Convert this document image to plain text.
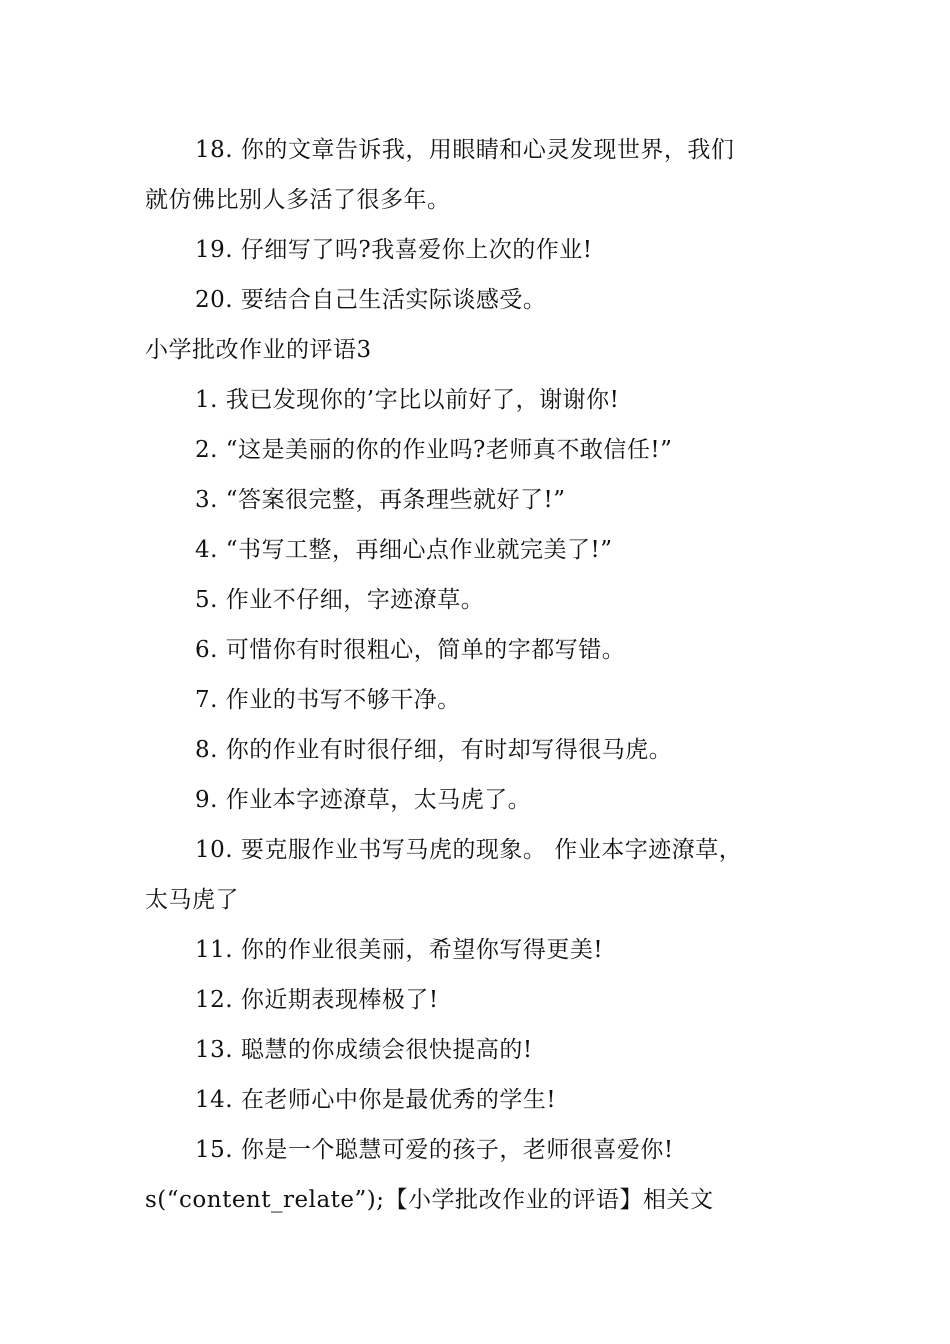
18. 你的文章告诉我，用眼睛和心灵发现世界，我们
就仿佛比别人多活了很多年。
19. 仔细写了吗?我喜爱你上次的作业!
20. 要结合自己生活实际谈感受。
小学批改作业的评语3
1. 我已发现你的’字比以前好了，谢谢你!
2. “这是美丽的你的作业吗?老师真不敢信任!”
3. “答案很完整，再条理些就好了!”
4. “书写工整，再细心点作业就完美了!”
5. 作业不仔细，字迹潦草。
6. 可惜你有时很粗心，简单的字都写错。
7. 作业的书写不够干净。
8. 你的作业有时很仔细，有时却写得很马虎。
9. 作业本字迹潦草，太马虎了。
10. 要克服作业书写马虎的现象。 作业本字迹潦草，
太马虎了
11. 你的作业很美丽，希望你写得更美!
12. 你近期表现棒极了!
13. 聪慧的你成绩会很快提高的!
14. 在老师心中你是最优秀的学生!
15. 你是一个聪慧可爱的孩子，老师很喜爱你!
s(“content_relate”);【小学批改作业的评语】相关文
